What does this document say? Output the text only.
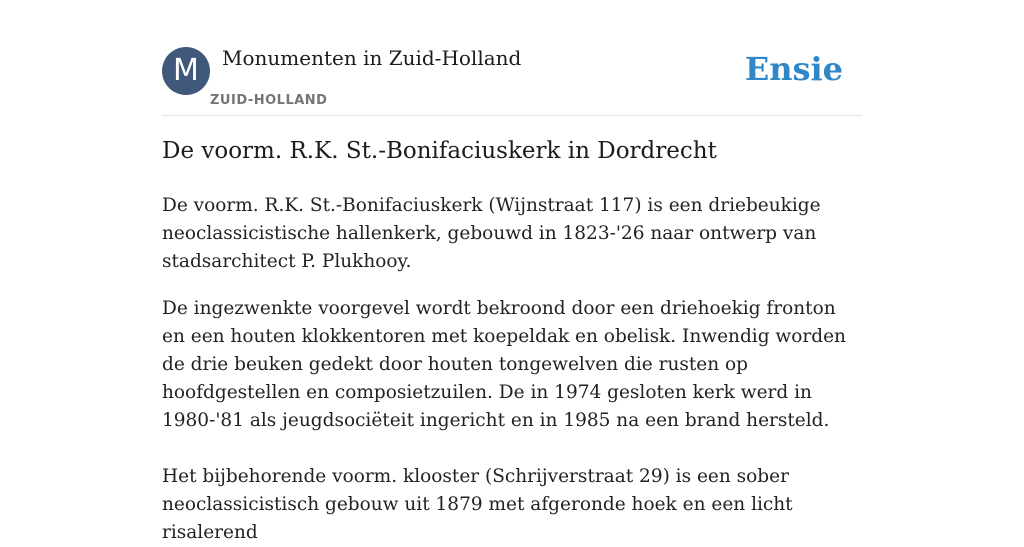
M	Monumenten in Zuid-Holland
ZUID-HOLLAND
Ensie
De voorm. R.K. St.-Bonifaciuskerk in Dordrecht

De voorm. R.K. St.-Bonifaciuskerk (Wijnstraat 117) is een driebeukige neoclassicistische hallenkerk, gebouwd in 1823-'26 naar ontwerp van stadsarchitect P. Plukhooy.

De ingezwenkte voorgevel wordt bekroond door een driehoekig fronton en een houten klokkentoren met koepeldak en obelisk. Inwendig worden de drie beuken gedekt door houten tongewelven die rusten op hoofdgestellen en composietzuilen. De in 1974 gesloten kerk werd in 1980-'81 als jeugdsociëteit ingericht en in 1985 na een brand hersteld.

Het bijbehorende voorm. klooster (Schrijverstraat 29) is een sober neoclassicistisch gebouw uit 1879 met afgeronde hoek en een licht risalerend
